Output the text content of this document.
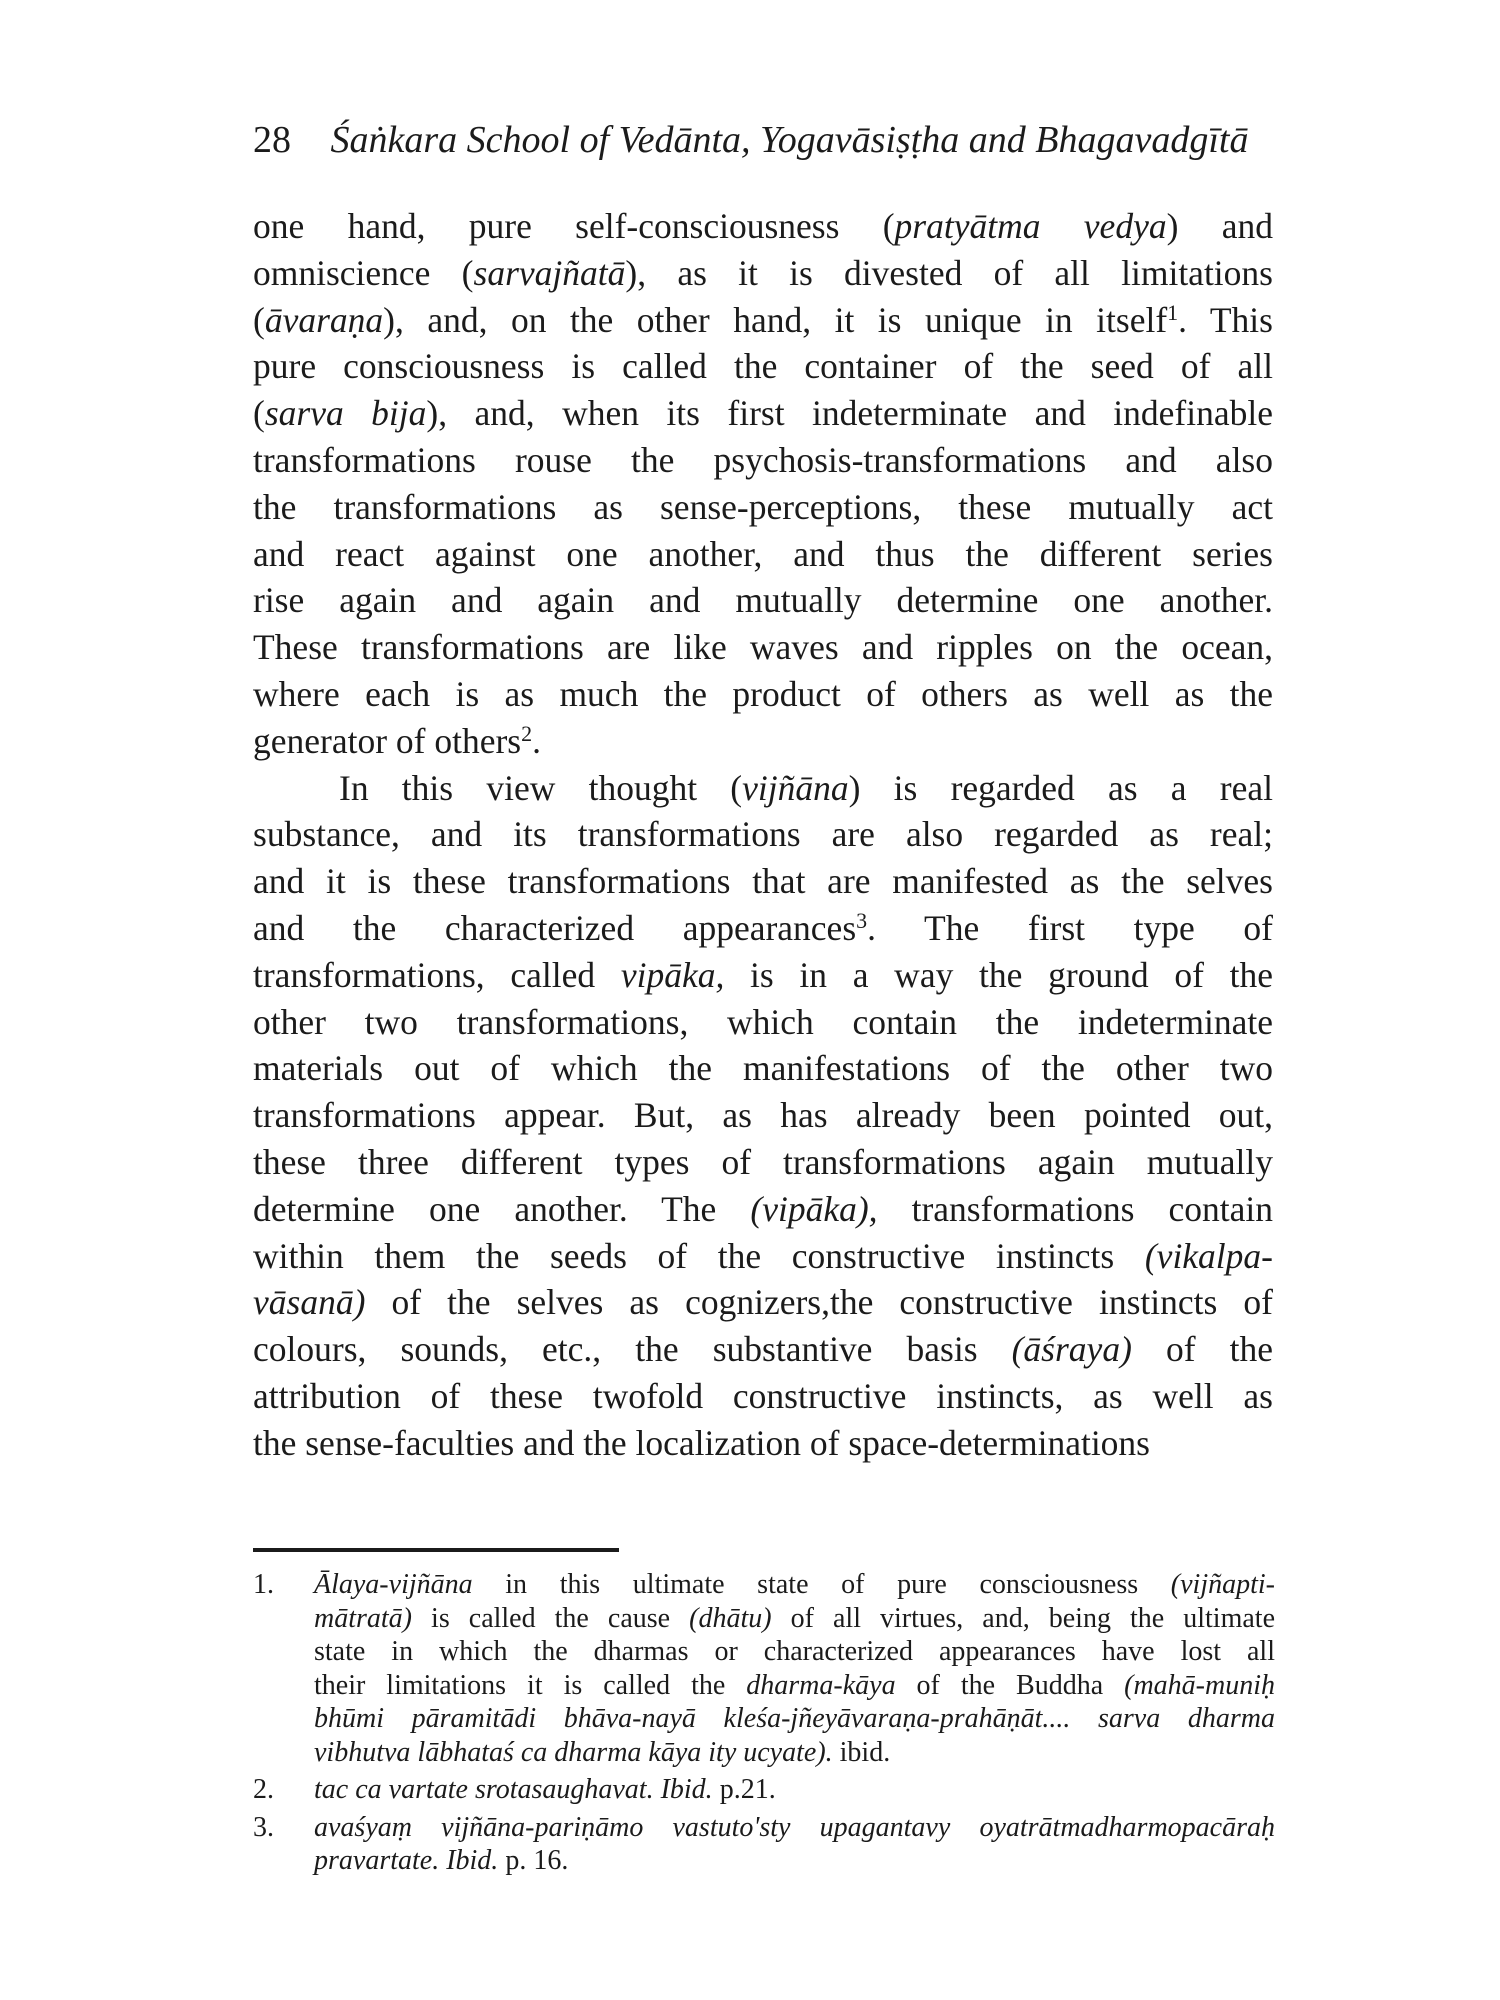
28 Śaṅkara School of Vedānta, Yogavāsiṣṭha and Bhagavadgītā
one hand, pure self-consciousness (pratyātma vedya) and
omniscience (sarvajñatā), as it is divested of all limitations
(āvaraṇa), and, on the other hand, it is unique in itself$^1$. This
pure consciousness is called the container of the seed of all
(sarva bija), and, when its first indeterminate and indefinable
transformations rouse the psychosis-transformations and also
the transformations as sense-perceptions, these mutually act
and react against one another, and thus the different series
rise again and again and mutually determine one another.
These transformations are like waves and ripples on the ocean,
where each is as much the product of others as well as the
generator of others$^2$.
In this view thought (vijñāna) is regarded as a real
substance, and its transformations are also regarded as real;
and it is these transformations that are manifested as the selves
and the characterized appearances$^3$. The first type of
transformations, called vipāka, is in a way the ground of the
other two transformations, which contain the indeterminate
materials out of which the manifestations of the other two
transformations appear. But, as has already been pointed out,
these three different types of transformations again mutually
determine one another. The (vipāka), transformations contain
within them the seeds of the constructive instincts (vikalpa-
vāsanā) of the selves as cognizers,the constructive instincts of
colours, sounds, etc., the substantive basis (āśraya) of the
attribution of these twofold constructive instincts, as well as
the sense-faculties and the localization of space-determinations
1. Ālaya-vijñāna in this ultimate state of pure consciousness (vijñapti-
mātratā) is called the cause (dhātu) of all virtues, and, being the ultimate
state in which the dharmas or characterized appearances have lost all
their limitations it is called the dharma-kāya of the Buddha (mahā-muniḥ
bhūmi pāramitādi bhāva-nayā kleśa-jñeyāvaraṇa-prahāṇāt.... sarva dharma
vibhutva lābhataś ca dharma kāya ity ucyate). ibid.
2. tac ca vartate srotasaughavat. Ibid. p.21.
3. avaśyaṃ vijñāna-pariṇāmo vastuto'sty upagantavy oyatrātmadharmopacāraḥ
pravartate. Ibid. p. 16.
